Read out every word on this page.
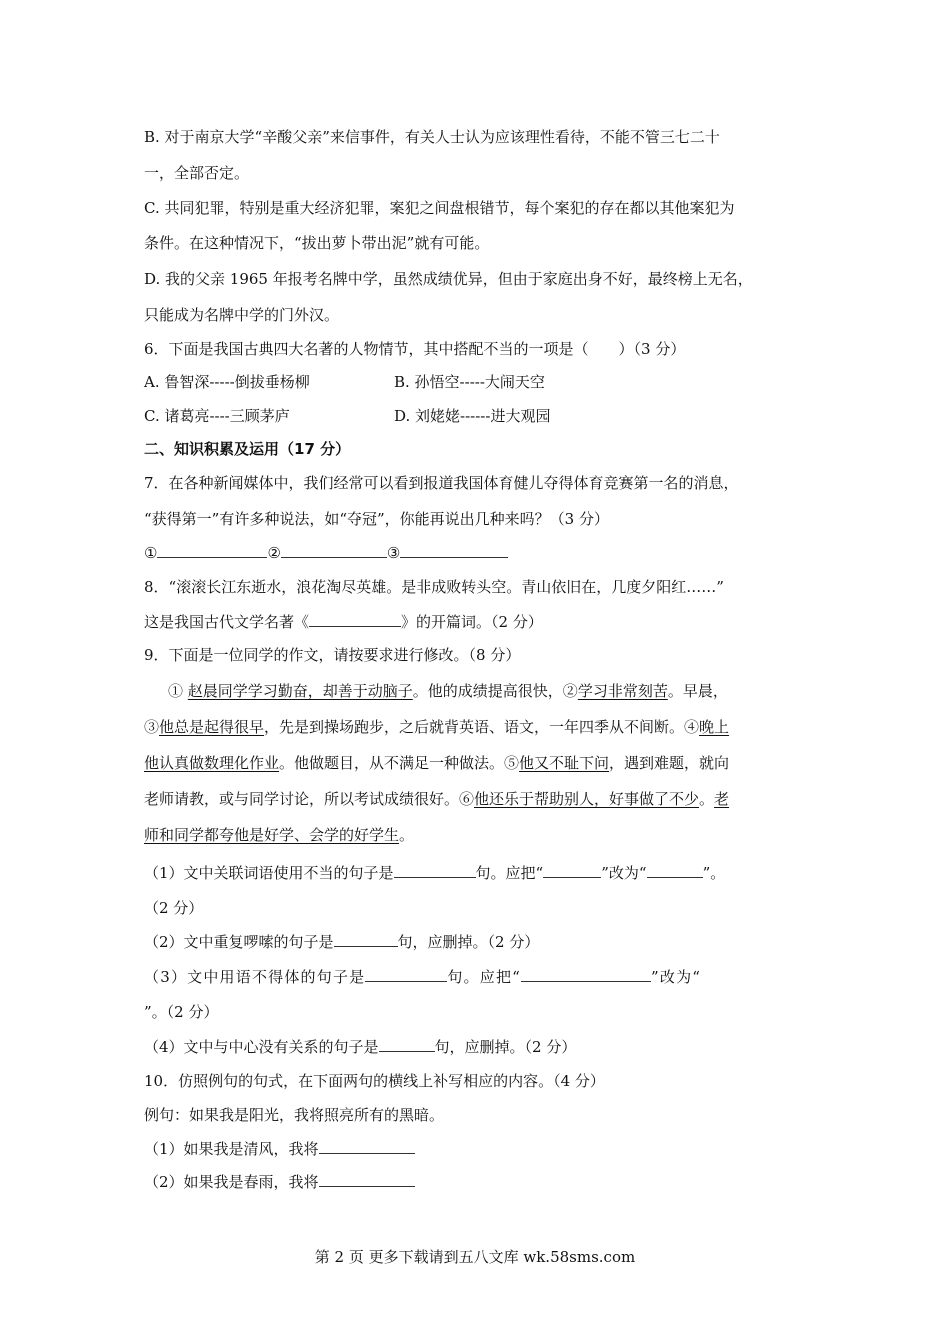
B. 对于南京大学“辛酸父亲”来信事件，有关人士认为应该理性看待，不能不管三七二十
一，全部否定。
C. 共同犯罪，特别是重大经济犯罪，案犯之间盘根错节，每个案犯的存在都以其他案犯为
条件。在这种情况下，“拔出萝卜带出泥”就有可能。
D. 我的父亲 1965 年报考名牌中学，虽然成绩优异，但由于家庭出身不好，最终榜上无名，
只能成为名牌中学的门外汉。
6．下面是我国古典四大名著的人物情节，其中搭配不当的一项是（　　）（3 分）
A. 鲁智深-----倒拔垂杨柳	B. 孙悟空-----大闹天空
C. 诸葛亮----三顾茅庐	D. 刘姥姥------进大观园
二、知识积累及运用（17 分）
7．在各种新闻媒体中，我们经常可以看到报道我国体育健儿夺得体育竞赛第一名的消息，
“获得第一”有许多种说法，如“夺冠”，你能再说出几种来吗？（3 分）
①	②	③
8．“滚滚长江东逝水，浪花淘尽英雄。是非成败转头空。青山依旧在，几度夕阳红……”
这是我国古代文学名著《	》的开篇词。（2 分）
9．下面是一位同学的作文，请按要求进行修改。（8 分）
① 赵晨同学学习勤奋，却善于动脑子。他的成绩提高很快，②学习非常刻苦。早晨，
③他总是起得很早，先是到操场跑步，之后就背英语、语文，一年四季从不间断。④晚上
他认真做数理化作业。他做题目，从不满足一种做法。⑤他又不耻下问，遇到难题，就向
老师请教，或与同学讨论，所以考试成绩很好。⑥他还乐于帮助别人，好事做了不少。老
师和同学都夸他是好学、会学的好学生。
（1）文中关联词语使用不当的句子是	句。应把“	”改为“	”。
（2 分）
（2）文中重复啰嗦的句子是	句，应删掉。（2 分）
（3）文中用语不得体的句子是	句。应把“	”改为“
”。（2 分）
（4）文中与中心没有关系的句子是	句，应删掉。（2 分）
10．仿照例句的句式，在下面两句的横线上补写相应的内容。（4 分）
例句：如果我是阳光，我将照亮所有的黑暗。
（1）如果我是清风，我将
（2）如果我是春雨，我将
第 2 页 更多下载请到五八文库 wk.58sms.com
